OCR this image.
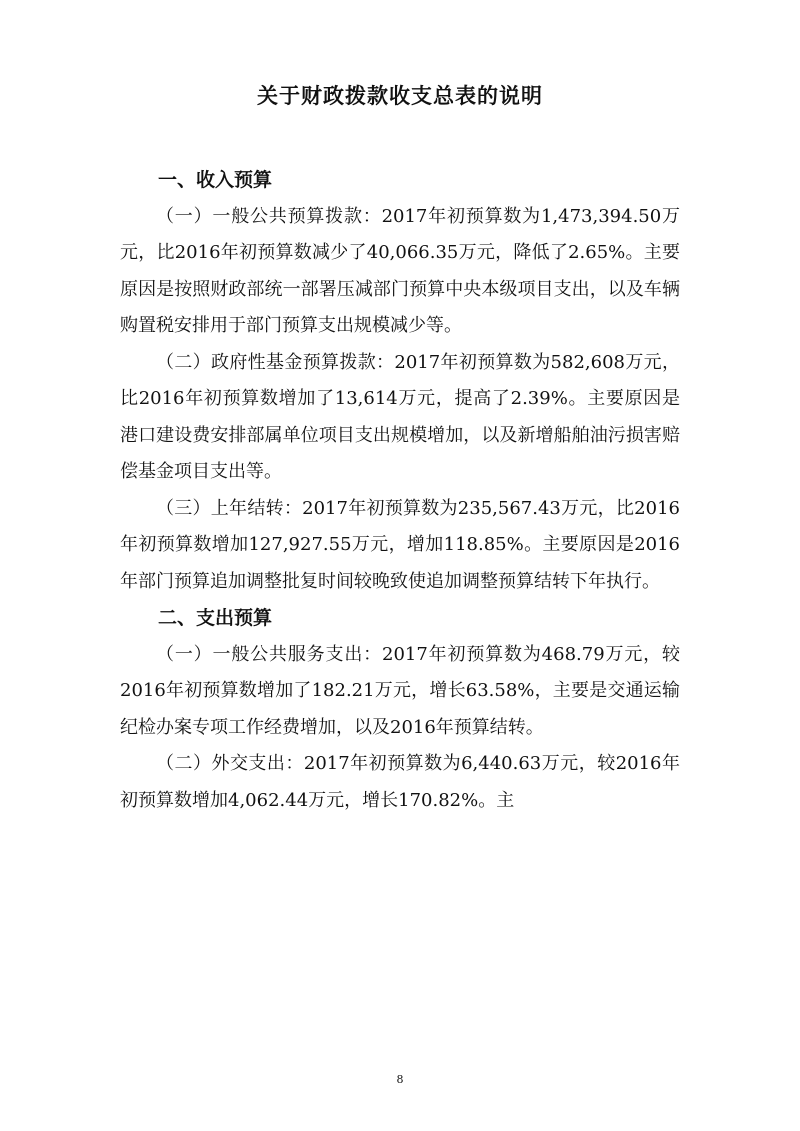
关于财政拨款收支总表的说明

一、收入预算

（一）一般公共预算拨款：2017年初预算数为1,473,394.50万元，比2016年初预算数减少了40,066.35万元，降低了2.65%。主要原因是按照财政部统一部署压减部门预算中央本级项目支出，以及车辆购置税安排用于部门预算支出规模减少等。

（二）政府性基金预算拨款：2017年初预算数为582,608万元，比2016年初预算数增加了13,614万元，提高了2.39%。主要原因是港口建设费安排部属单位项目支出规模增加，以及新增船舶油污损害赔偿基金项目支出等。

（三）上年结转：2017年初预算数为235,567.43万元，比2016年初预算数增加127,927.55万元，增加118.85%。主要原因是2016年部门预算追加调整批复时间较晚致使追加调整预算结转下年执行。

二、支出预算

（一）一般公共服务支出：2017年初预算数为468.79万元，较2016年初预算数增加了182.21万元，增长63.58%，主要是交通运输纪检办案专项工作经费增加，以及2016年预算结转。

（二）外交支出：2017年初预算数为6,440.63万元，较2016年初预算数增加4,062.44万元，增长170.82%。主

8
